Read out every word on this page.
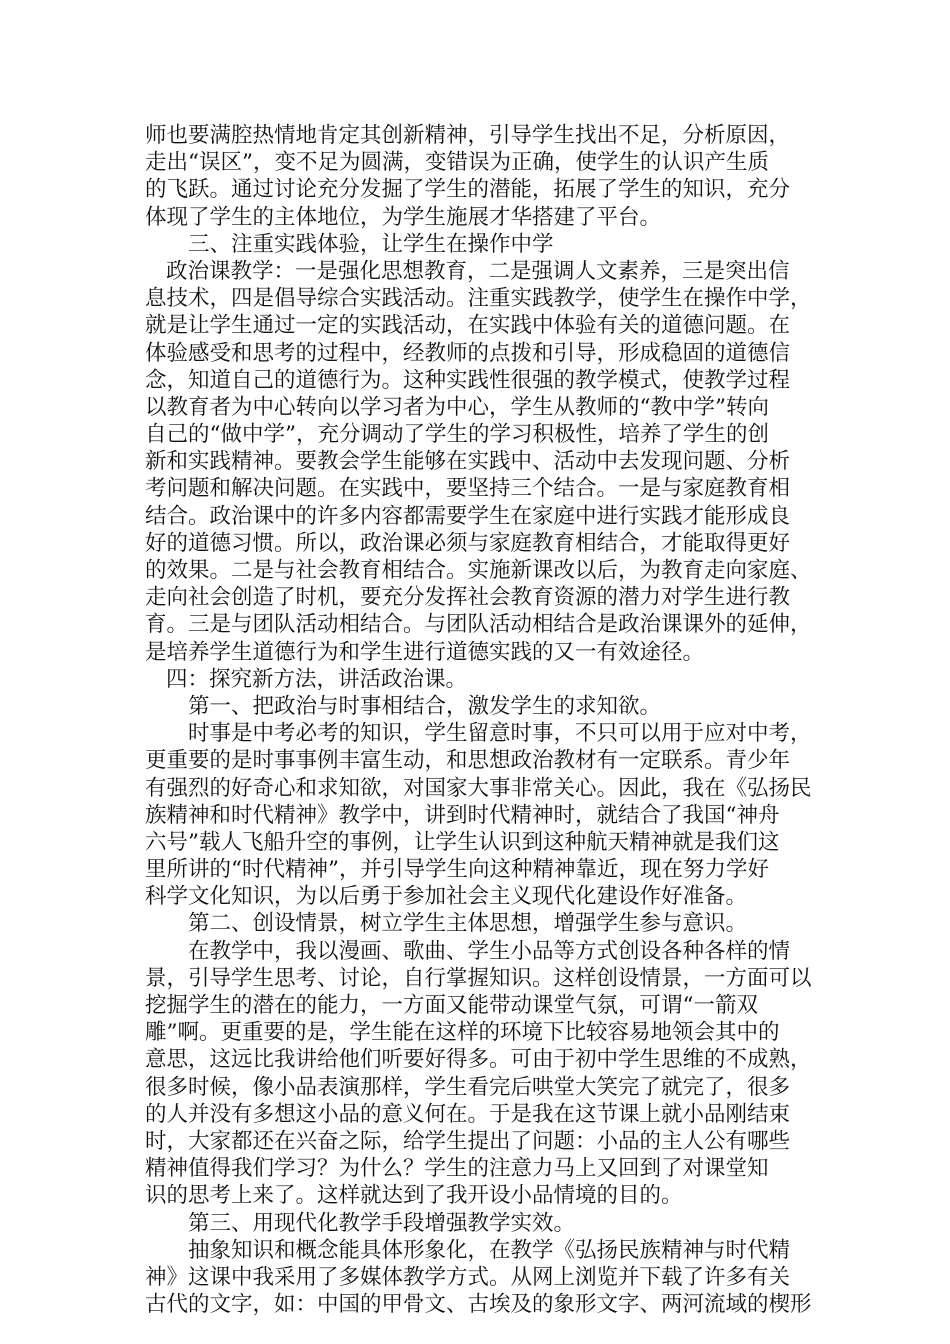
师也要满腔热情地肯定其创新精神，引导学生找出不足，分析原因，
走出“误区”，变不足为圆满，变错误为正确，使学生的认识产生质
的飞跃。通过讨论充分发掘了学生的潜能，拓展了学生的知识，充分
体现了学生的主体地位，为学生施展才华搭建了平台。
三、注重实践体验，让学生在操作中学
政治课教学：一是强化思想教育，二是强调人文素养，三是突出信
息技术，四是倡导综合实践活动。注重实践教学，使学生在操作中学，
就是让学生通过一定的实践活动，在实践中体验有关的道德问题。在
体验感受和思考的过程中，经教师的点拨和引导，形成稳固的道德信
念，知道自己的道德行为。这种实践性很强的教学模式，使教学过程
以教育者为中心转向以学习者为中心，学生从教师的“教中学”转向
自己的“做中学”，充分调动了学生的学习积极性，培养了学生的创
新和实践精神。要教会学生能够在实践中、活动中去发现问题、分析
考问题和解决问题。在实践中，要坚持三个结合。一是与家庭教育相
结合。政治课中的许多内容都需要学生在家庭中进行实践才能形成良
好的道德习惯。所以，政治课必须与家庭教育相结合，才能取得更好
的效果。二是与社会教育相结合。实施新课改以后，为教育走向家庭、
走向社会创造了时机，要充分发挥社会教育资源的潜力对学生进行教
育。三是与团队活动相结合。与团队活动相结合是政治课课外的延伸，
是培养学生道德行为和学生进行道德实践的又一有效途径。
四：探究新方法，讲活政治课。
第一、把政治与时事相结合，激发学生的求知欲。
时事是中考必考的知识，学生留意时事，不只可以用于应对中考，
更重要的是时事事例丰富生动，和思想政治教材有一定联系。青少年
有强烈的好奇心和求知欲，对国家大事非常关心。因此，我在《弘扬民
族精神和时代精神》教学中，讲到时代精神时，就结合了我国“神舟
六号”载人飞船升空的事例，让学生认识到这种航天精神就是我们这
里所讲的“时代精神”，并引导学生向这种精神靠近，现在努力学好
科学文化知识，为以后勇于参加社会主义现代化建设作好准备。
第二、创设情景，树立学生主体思想，增强学生参与意识。
在教学中，我以漫画、歌曲、学生小品等方式创设各种各样的情
景，引导学生思考、讨论，自行掌握知识。这样创设情景，一方面可以
挖掘学生的潜在的能力，一方面又能带动课堂气氛，可谓“一箭双
雕”啊。更重要的是，学生能在这样的环境下比较容易地领会其中的
意思，这远比我讲给他们听要好得多。可由于初中学生思维的不成熟，
很多时候，像小品表演那样，学生看完后哄堂大笑完了就完了，很多
的人并没有多想这小品的意义何在。于是我在这节课上就小品刚结束
时，大家都还在兴奋之际，给学生提出了问题：小品的主人公有哪些
精神值得我们学习？为什么？学生的注意力马上又回到了对课堂知
识的思考上来了。这样就达到了我开设小品情境的目的。
第三、用现代化教学手段增强教学实效。
抽象知识和概念能具体形象化，在教学《弘扬民族精神与时代精
神》这课中我采用了多媒体教学方式。从网上浏览并下载了许多有关
古代的文字，如：中国的甲骨文、古埃及的象形文字、两河流域的楔形
